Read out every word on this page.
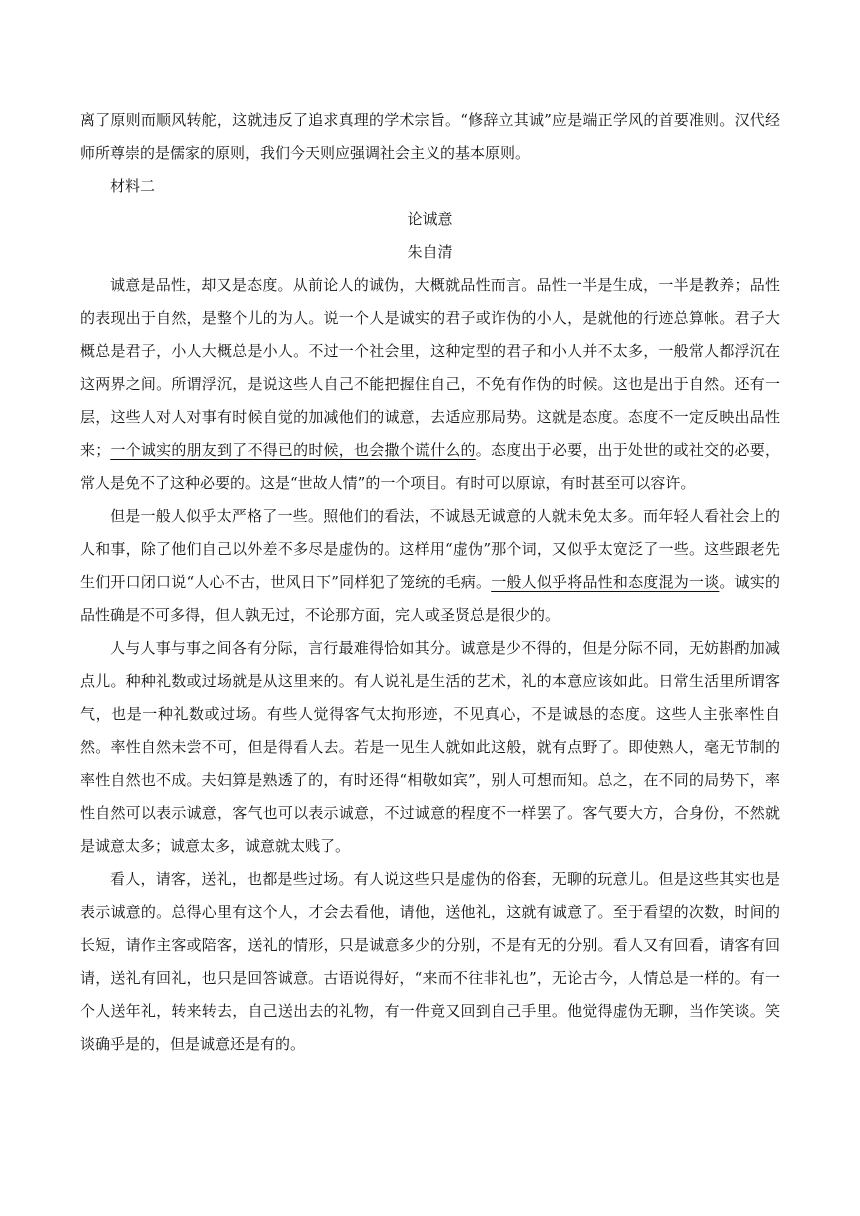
离了原则而顺风转舵，这就违反了追求真理的学术宗旨。“修辞立其诚”应是端正学风的首要准则。汉代经师所尊崇的是儒家的原则，我们今天则应强调社会主义的基本原则。

材料二

论诚意

朱自清

诚意是品性，却又是态度。从前论人的诚伪，大概就品性而言。品性一半是生成，一半是教养；品性的表现出于自然，是整个儿的为人。说一个人是诚实的君子或诈伪的小人，是就他的行迹总算帐。君子大概总是君子，小人大概总是小人。不过一个社会里，这种定型的君子和小人并不太多，一般常人都浮沉在这两界之间。所谓浮沉，是说这些人自己不能把握住自己，不免有作伪的时候。这也是出于自然。还有一层，这些人对人对事有时候自觉的加减他们的诚意，去适应那局势。这就是态度。态度不一定反映出品性来；一个诚实的朋友到了不得已的时候，也会撒个谎什么的。态度出于必要，出于处世的或社交的必要，常人是免不了这种必要的。这是“世故人情”的一个项目。有时可以原谅，有时甚至可以容许。

但是一般人似乎太严格了一些。照他们的看法，不诚恳无诚意的人就未免太多。而年轻人看社会上的人和事，除了他们自己以外差不多尽是虚伪的。这样用“虚伪”那个词，又似乎太宽泛了一些。这些跟老先生们开口闭口说“人心不古，世风日下”同样犯了笼统的毛病。一般人似乎将品性和态度混为一谈。诚实的品性确是不可多得，但人孰无过，不论那方面，完人或圣贤总是很少的。

人与人事与事之间各有分际，言行最难得恰如其分。诚意是少不得的，但是分际不同，无妨斟酌加减点儿。种种礼数或过场就是从这里来的。有人说礼是生活的艺术，礼的本意应该如此。日常生活里所谓客气，也是一种礼数或过场。有些人觉得客气太拘形迹，不见真心，不是诚恳的态度。这些人主张率性自然。率性自然未尝不可，但是得看人去。若是一见生人就如此这般，就有点野了。即使熟人，毫无节制的率性自然也不成。夫妇算是熟透了的，有时还得“相敬如宾”，别人可想而知。总之，在不同的局势下，率性自然可以表示诚意，客气也可以表示诚意，不过诚意的程度不一样罢了。客气要大方，合身份，不然就是诚意太多；诚意太多，诚意就太贱了。

看人，请客，送礼，也都是些过场。有人说这些只是虚伪的俗套，无聊的玩意儿。但是这些其实也是表示诚意的。总得心里有这个人，才会去看他，请他，送他礼，这就有诚意了。至于看望的次数，时间的长短，请作主客或陪客，送礼的情形，只是诚意多少的分别，不是有无的分别。看人又有回看，请客有回请，送礼有回礼，也只是回答诚意。古语说得好，“来而不往非礼也”，无论古今，人情总是一样的。有一个人送年礼，转来转去，自己送出去的礼物，有一件竟又回到自己手里。他觉得虚伪无聊，当作笑谈。笑谈确乎是的，但是诚意还是有的。
